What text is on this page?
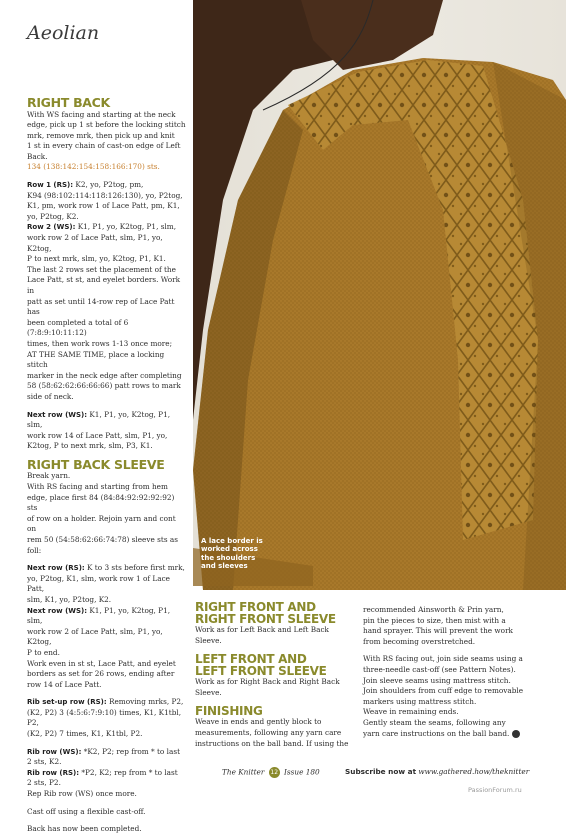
Aeolian
A lace border is
worked across
the shoulders
and sleeves
RIGHT BACK

With WS facing and starting at the neck

edge, pick up 1 st before the locking stitch

mrk, remove mrk, then pick up and knit

1 st in every chain of cast-on edge of Left

Back.

134 (138:142:154:158:166:170) sts.

Row 1 (RS): K2, yo, P2tog, pm,

K94 (98:102:114:118:126:130), yo, P2tog,

K1, pm, work row 1 of Lace Patt, pm, K1,

yo, P2tog, K2.

Row 2 (WS): K1, P1, yo, K2tog, P1, slm,

work row 2 of Lace Patt, slm, P1, yo, K2tog,

P to next mrk, slm, yo, K2tog, P1, K1.

The last 2 rows set the placement of the

Lace Patt, st st, and eyelet borders. Work in

patt as set until 14-row rep of Lace Patt has

been completed a total of 6 (7:8:9:10:11:12)

times, then work rows 1-13 once more;

AT THE SAME TIME, place a locking stitch

marker in the neck edge after completing

58 (58:62:62:66:66:66) patt rows to mark

side of neck.

Next row (WS): K1, P1, yo, K2tog, P1, slm,

work row 14 of Lace Patt, slm, P1, yo,

K2tog, P to next mrk, slm, P3, K1.

RIGHT BACK SLEEVE

Break yarn.

With RS facing and starting from hem

edge, place first 84 (84:84:92:92:92:92) sts

of row on a holder. Rejoin yarn and cont on

rem 50 (54:58:62:66:74:78) sleeve sts as foll:

Next row (RS): K to 3 sts before first mrk,

yo, P2tog, K1, slm, work row 1 of Lace Patt,

slm, K1, yo, P2tog, K2.

Next row (WS): K1, P1, yo, K2tog, P1, slm,

work row 2 of Lace Patt, slm, P1, yo, K2tog,

P to end.

Work even in st st, Lace Patt, and eyelet

borders as set for 26 rows, ending after

row 14 of Lace Patt.

Rib set-up row (RS): Removing mrks, P2,

(K2, P2) 3 (4:5:6:7:9:10) times, K1, K1tbl, P2,

(K2, P2) 7 times, K1, K1tbl, P2.

Rib row (WS): *K2, P2; rep from * to last

2 sts, K2.

Rib row (RS): *P2, K2; rep from * to last

2 sts, P2.

Rep Rib row (WS) once more.

Cast off using a flexible cast-off.

Back has now been completed.

RIGHT FRONT AND
RIGHT FRONT SLEEVE

Work as for Left Back and Left Back Sleeve.

LEFT FRONT AND
LEFT FRONT SLEEVE

Work as for Right Back and Right Back

Sleeve.

FINISHING

Weave in ends and gently block to

measurements, following any yarn care

instructions on the ball band. If using the

recommended Ainsworth & Prin yarn,

pin the pieces to size, then mist with a

hand sprayer. This will prevent the work

from becoming overstretched.

With RS facing out, join side seams using a

three-needle cast-off (see Pattern Notes).

Join sleeve seams using mattress stitch.

Join shoulders from cuff edge to removable

markers using mattress stitch.

Weave in remaining ends.

Gently steam the seams, following any

yarn care instructions on the ball band.

The Knitter 12 Issue 180	Subscribe now at www.gathered.how/theknitter
PassionForum.ru
